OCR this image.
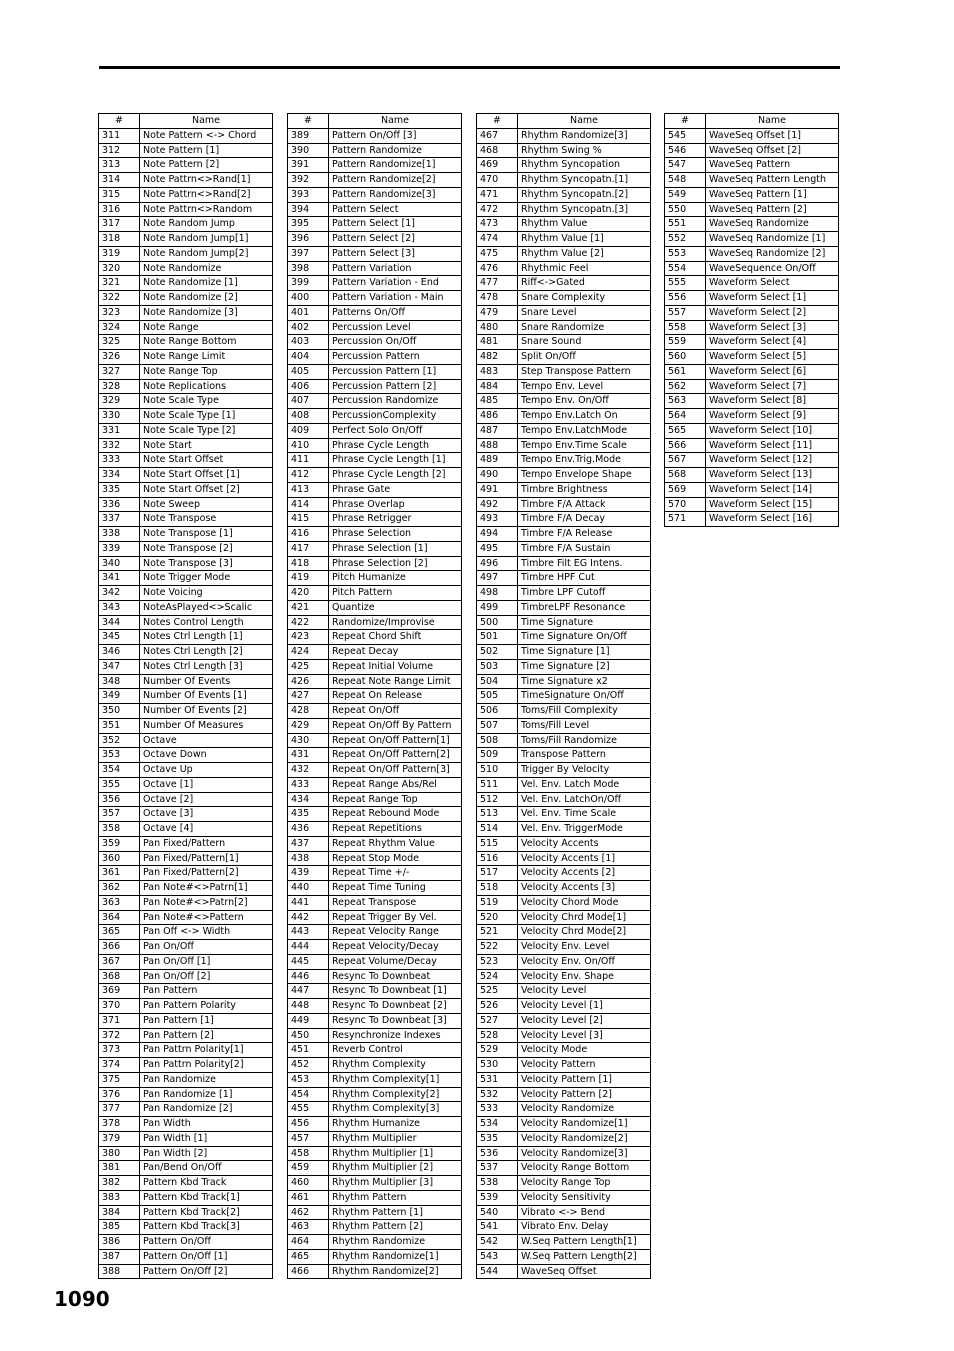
#	Name
311	Note Pattern <-> Chord
312	Note Pattern [1]
313	Note Pattern [2]
314	Note Pattrn<>Rand[1]
315	Note Pattrn<>Rand[2]
316	Note Pattrn<>Random
317	Note Random Jump
318	Note Random Jump[1]
319	Note Random Jump[2]
320	Note Randomize
321	Note Randomize [1]
322	Note Randomize [2]
323	Note Randomize [3]
324	Note Range
325	Note Range Bottom
326	Note Range Limit
327	Note Range Top
328	Note Replications
329	Note Scale Type
330	Note Scale Type [1]
331	Note Scale Type [2]
332	Note Start
333	Note Start Offset
334	Note Start Offset [1]
335	Note Start Offset [2]
336	Note Sweep
337	Note Transpose
338	Note Transpose [1]
339	Note Transpose [2]
340	Note Transpose [3]
341	Note Trigger Mode
342	Note Voicing
343	NoteAsPlayed<>Scalic
344	Notes Control Length
345	Notes Ctrl Length [1]
346	Notes Ctrl Length [2]
347	Notes Ctrl Length [3]
348	Number Of Events
349	Number Of Events [1]
350	Number Of Events [2]
351	Number Of Measures
352	Octave
353	Octave Down
354	Octave Up
355	Octave [1]
356	Octave [2]
357	Octave [3]
358	Octave [4]
359	Pan Fixed/Pattern
360	Pan Fixed/Pattern[1]
361	Pan Fixed/Pattern[2]
362	Pan Note#<>Patrn[1]
363	Pan Note#<>Patrn[2]
364	Pan Note#<>Pattern
365	Pan Off <-> Width
366	Pan On/Off
367	Pan On/Off [1]
368	Pan On/Off [2]
369	Pan Pattern
370	Pan Pattern Polarity
371	Pan Pattern [1]
372	Pan Pattern [2]
373	Pan Pattrn Polarity[1]
374	Pan Pattrn Polarity[2]
375	Pan Randomize
376	Pan Randomize [1]
377	Pan Randomize [2]
378	Pan Width
379	Pan Width [1]
380	Pan Width [2]
381	Pan/Bend On/Off
382	Pattern Kbd Track
383	Pattern Kbd Track[1]
384	Pattern Kbd Track[2]
385	Pattern Kbd Track[3]
386	Pattern On/Off
387	Pattern On/Off [1]
388	Pattern On/Off [2]
#	Name
389	Pattern On/Off [3]
390	Pattern Randomize
391	Pattern Randomize[1]
392	Pattern Randomize[2]
393	Pattern Randomize[3]
394	Pattern Select
395	Pattern Select [1]
396	Pattern Select [2]
397	Pattern Select [3]
398	Pattern Variation
399	Pattern Variation - End
400	Pattern Variation - Main
401	Patterns On/Off
402	Percussion Level
403	Percussion On/Off
404	Percussion Pattern
405	Percussion Pattern [1]
406	Percussion Pattern [2]
407	Percussion Randomize
408	PercussionComplexity
409	Perfect Solo On/Off
410	Phrase Cycle Length
411	Phrase Cycle Length [1]
412	Phrase Cycle Length [2]
413	Phrase Gate
414	Phrase Overlap
415	Phrase Retrigger
416	Phrase Selection
417	Phrase Selection [1]
418	Phrase Selection [2]
419	Pitch Humanize
420	Pitch Pattern
421	Quantize
422	Randomize/Improvise
423	Repeat Chord Shift
424	Repeat Decay
425	Repeat Initial Volume
426	Repeat Note Range Limit
427	Repeat On Release
428	Repeat On/Off
429	Repeat On/Off By Pattern
430	Repeat On/Off Pattern[1]
431	Repeat On/Off Pattern[2]
432	Repeat On/Off Pattern[3]
433	Repeat Range Abs/Rel
434	Repeat Range Top
435	Repeat Rebound Mode
436	Repeat Repetitions
437	Repeat Rhythm Value
438	Repeat Stop Mode
439	Repeat Time +/-
440	Repeat Time Tuning
441	Repeat Transpose
442	Repeat Trigger By Vel.
443	Repeat Velocity Range
444	Repeat Velocity/Decay
445	Repeat Volume/Decay
446	Resync To Downbeat
447	Resync To Downbeat [1]
448	Resync To Downbeat [2]
449	Resync To Downbeat [3]
450	Resynchronize Indexes
451	Reverb Control
452	Rhythm Complexity
453	Rhythm Complexity[1]
454	Rhythm Complexity[2]
455	Rhythm Complexity[3]
456	Rhythm Humanize
457	Rhythm Multiplier
458	Rhythm Multiplier [1]
459	Rhythm Multiplier [2]
460	Rhythm Multiplier [3]
461	Rhythm Pattern
462	Rhythm Pattern [1]
463	Rhythm Pattern [2]
464	Rhythm Randomize
465	Rhythm Randomize[1]
466	Rhythm Randomize[2]
#	Name
467	Rhythm Randomize[3]
468	Rhythm Swing %
469	Rhythm Syncopation
470	Rhythm Syncopatn.[1]
471	Rhythm Syncopatn.[2]
472	Rhythm Syncopatn.[3]
473	Rhythm Value
474	Rhythm Value [1]
475	Rhythm Value [2]
476	Rhythmic Feel
477	Riff<->Gated
478	Snare Complexity
479	Snare Level
480	Snare Randomize
481	Snare Sound
482	Split On/Off
483	Step Transpose Pattern
484	Tempo Env. Level
485	Tempo Env. On/Off
486	Tempo Env.Latch On
487	Tempo Env.LatchMode
488	Tempo Env.Time Scale
489	Tempo Env.Trig.Mode
490	Tempo Envelope Shape
491	Timbre Brightness
492	Timbre F/A Attack
493	Timbre F/A Decay
494	Timbre F/A Release
495	Timbre F/A Sustain
496	Timbre Filt EG Intens.
497	Timbre HPF Cut
498	Timbre LPF Cutoff
499	TimbreLPF Resonance
500	Time Signature
501	Time Signature On/Off
502	Time Signature [1]
503	Time Signature [2]
504	Time Signature x2
505	TimeSignature On/Off
506	Toms/Fill Complexity
507	Toms/Fill Level
508	Toms/Fill Randomize
509	Transpose Pattern
510	Trigger By Velocity
511	Vel. Env. Latch Mode
512	Vel. Env. LatchOn/Off
513	Vel. Env. Time Scale
514	Vel. Env. TriggerMode
515	Velocity Accents
516	Velocity Accents [1]
517	Velocity Accents [2]
518	Velocity Accents [3]
519	Velocity Chord Mode
520	Velocity Chrd Mode[1]
521	Velocity Chrd Mode[2]
522	Velocity Env. Level
523	Velocity Env. On/Off
524	Velocity Env. Shape
525	Velocity Level
526	Velocity Level [1]
527	Velocity Level [2]
528	Velocity Level [3]
529	Velocity Mode
530	Velocity Pattern
531	Velocity Pattern [1]
532	Velocity Pattern [2]
533	Velocity Randomize
534	Velocity Randomize[1]
535	Velocity Randomize[2]
536	Velocity Randomize[3]
537	Velocity Range Bottom
538	Velocity Range Top
539	Velocity Sensitivity
540	Vibrato <-> Bend
541	Vibrato Env. Delay
542	W.Seq Pattern Length[1]
543	W.Seq Pattern Length[2]
544	WaveSeq Offset
#	Name
545	WaveSeq Offset [1]
546	WaveSeq Offset [2]
547	WaveSeq Pattern
548	WaveSeq Pattern Length
549	WaveSeq Pattern [1]
550	WaveSeq Pattern [2]
551	WaveSeq Randomize
552	WaveSeq Randomize [1]
553	WaveSeq Randomize [2]
554	WaveSequence On/Off
555	Waveform Select
556	Waveform Select [1]
557	Waveform Select [2]
558	Waveform Select [3]
559	Waveform Select [4]
560	Waveform Select [5]
561	Waveform Select [6]
562	Waveform Select [7]
563	Waveform Select [8]
564	Waveform Select [9]
565	Waveform Select [10]
566	Waveform Select [11]
567	Waveform Select [12]
568	Waveform Select [13]
569	Waveform Select [14]
570	Waveform Select [15]
571	Waveform Select [16]
1090
